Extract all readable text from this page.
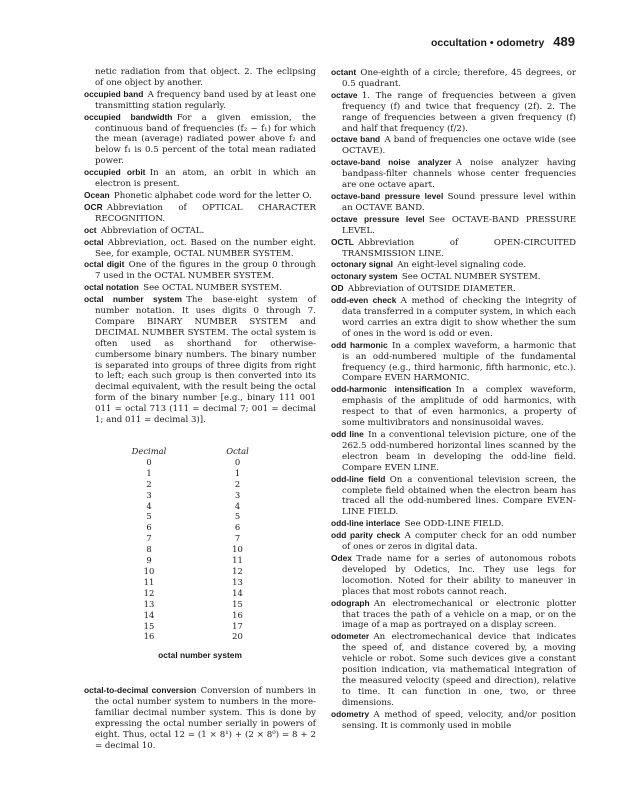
occultation • odometry 489

netic radiation from that object. 2. The eclipsing of one object by another.

occupied band  A frequency band used by at least one transmitting station regularly.

occupied bandwidth  For a given emission, the continuous band of frequencies (f₂ − f₁) for which the mean (average) radiated power above f₂ and below f₁ is 0.5 percent of the total mean radiated power.

occupied orbit  In an atom, an orbit in which an electron is present.

Ocean  Phonetic alphabet code word for the letter O.

OCR  Abbreviation of OPTICAL CHARACTER RECOGNITION.

oct  Abbreviation of OCTAL.

octal  Abbreviation, oct. Based on the number eight. See, for example, OCTAL NUMBER SYSTEM.

octal digit  One of the figures in the group 0 through 7 used in the OCTAL NUMBER SYSTEM.

octal notation  See OCTAL NUMBER SYSTEM.

octal number system  The base-eight system of number notation. It uses digits 0 through 7. Compare BINARY NUMBER SYSTEM and DECIMAL NUMBER SYSTEM. The octal system is often used as shorthand for otherwise-cumbersome binary numbers. The binary number is separated into groups of three digits from right to left; each such group is then converted into its decimal equivalent, with the result being the octal form of the binary number [e.g., binary 111 001 011 = octal 713 (111 = decimal 7; 001 = decimal 1; and 011 = decimal 3)].

Decimal	Octal
0	0
1	1
2	2
3	3
4	4
5	5
6	6
7	7
8	10
9	11
10	12
11	13
12	14
13	15
14	16
15	17
16	20
octal number system

octal-to-decimal conversion  Conversion of numbers in the octal number system to numbers in the more-familiar decimal number system. This is done by expressing the octal number serially in powers of eight. Thus, octal 12 = (1 × 8¹) + (2 × 8⁰) = 8 + 2 = decimal 10.

octant  One-eighth of a circle; therefore, 45 degrees, or 0.5 quadrant.

octave  1. The range of frequencies between a given frequency (f) and twice that frequency (2f). 2. The range of frequencies between a given frequency (f) and half that frequency (f/2).

octave band  A band of frequencies one octave wide (see OCTAVE).

octave-band noise analyzer  A noise analyzer having bandpass-filter channels whose center frequencies are one octave apart.

octave-band pressure level  Sound pressure level within an OCTAVE BAND.

octave pressure level  See OCTAVE-BAND PRESSURE LEVEL.

OCTL  Abbreviation of OPEN-CIRCUITED TRANSMISSION LINE.

octonary signal  An eight-level signaling code.

octonary system  See OCTAL NUMBER SYSTEM.

OD  Abbreviation of OUTSIDE DIAMETER.

odd-even check  A method of checking the integrity of data transferred in a computer system, in which each word carries an extra digit to show whether the sum of ones in the word is odd or even.

odd harmonic  In a complex waveform, a harmonic that is an odd-numbered multiple of the fundamental frequency (e.g., third harmonic, fifth harmonic, etc.). Compare EVEN HARMONIC.

odd-harmonic intensification  In a complex waveform, emphasis of the amplitude of odd harmonics, with respect to that of even harmonics, a property of some multivibrators and nonsinusoidal waves.

odd line  In a conventional television picture, one of the 262.5 odd-numbered horizontal lines scanned by the electron beam in developing the odd-line field. Compare EVEN LINE.

odd-line field  On a conventional television screen, the complete field obtained when the electron beam has traced all the odd-numbered lines. Compare EVEN-LINE FIELD.

odd-line interlace  See ODD-LINE FIELD.

odd parity check  A computer check for an odd number of ones or zeros in digital data.

Odex  Trade name for a series of autonomous robots developed by Odetics, Inc. They use legs for locomotion. Noted for their ability to maneuver in places that most robots cannot reach.

odograph  An electromechanical or electronic plotter that traces the path of a vehicle on a map, or on the image of a map as portrayed on a display screen.

odometer  An electromechanical device that indicates the speed of, and distance covered by, a moving vehicle or robot. Some such devices give a constant position indication, via mathematical integration of the measured velocity (speed and direction), relative to time. It can function in one, two, or three dimensions.

odometry  A method of speed, velocity, and/or position sensing. It is commonly used in mobile
